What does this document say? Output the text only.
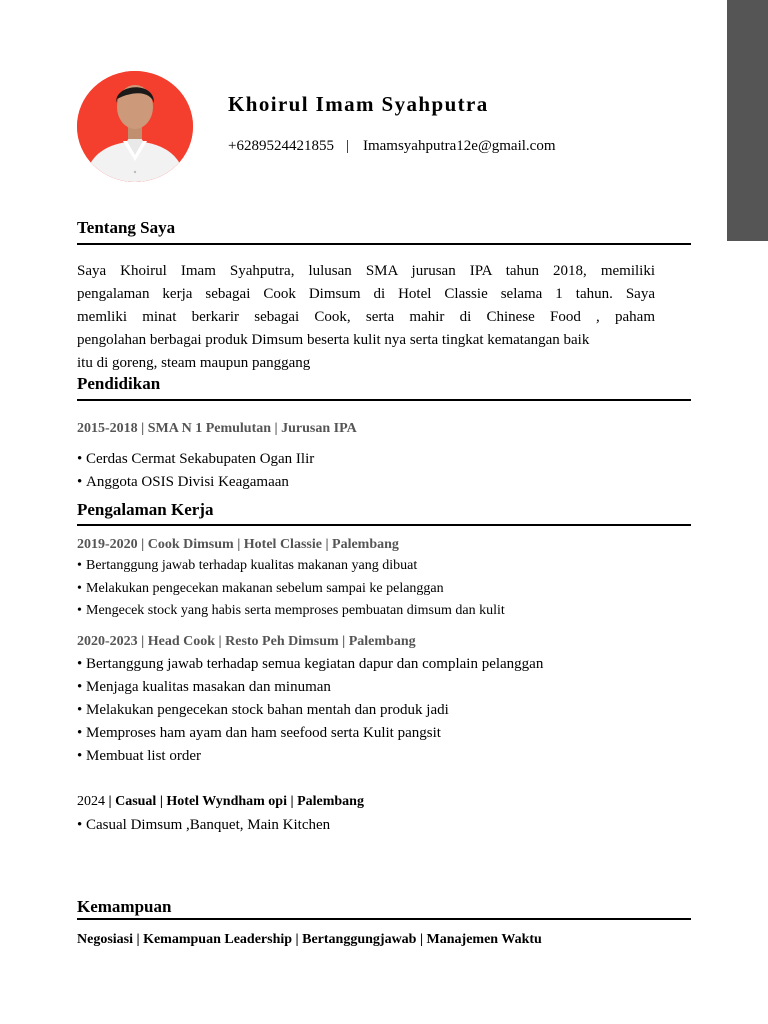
Khoirul Imam Syahputra
+6289524421855 | Imamsyahputra12e@gmail.com
Tentang Saya
Saya Khoirul Imam Syahputra, lulusan SMA jurusan IPA tahun 2018, memiliki
pengalaman kerja sebagai Cook Dimsum di Hotel Classie selama 1 tahun. Saya
memliki minat berkarir sebagai Cook, serta mahir di Chinese Food , paham
pengolahan berbagai produk Dimsum beserta kulit nya serta tingkat kematangan baik
itu di goreng, steam maupun panggang
Pendidikan
2015-2018 | SMA N 1 Pemulutan | Jurusan IPA
• Cerdas Cermat Sekabupaten Ogan Ilir
• Anggota OSIS Divisi Keagamaan
Pengalaman Kerja
2019-2020 | Cook Dimsum | Hotel Classie | Palembang
• Bertanggung jawab terhadap kualitas makanan yang dibuat
• Melakukan pengecekan makanan sebelum sampai ke pelanggan
• Mengecek stock yang habis serta memproses pembuatan dimsum dan kulit
2020-2023 | Head Cook | Resto Peh Dimsum | Palembang
• Bertanggung jawab terhadap semua kegiatan dapur dan complain pelanggan
• Menjaga kualitas masakan dan minuman
• Melakukan pengecekan stock bahan mentah dan produk jadi
• Memproses ham ayam dan ham seefood serta Kulit pangsit
• Membuat list order
2024 | Casual | Hotel Wyndham opi | Palembang
• Casual Dimsum ,Banquet, Main Kitchen
Kemampuan
Negosiasi | Kemampuan Leadership | Bertanggungjawab | Manajemen Waktu
